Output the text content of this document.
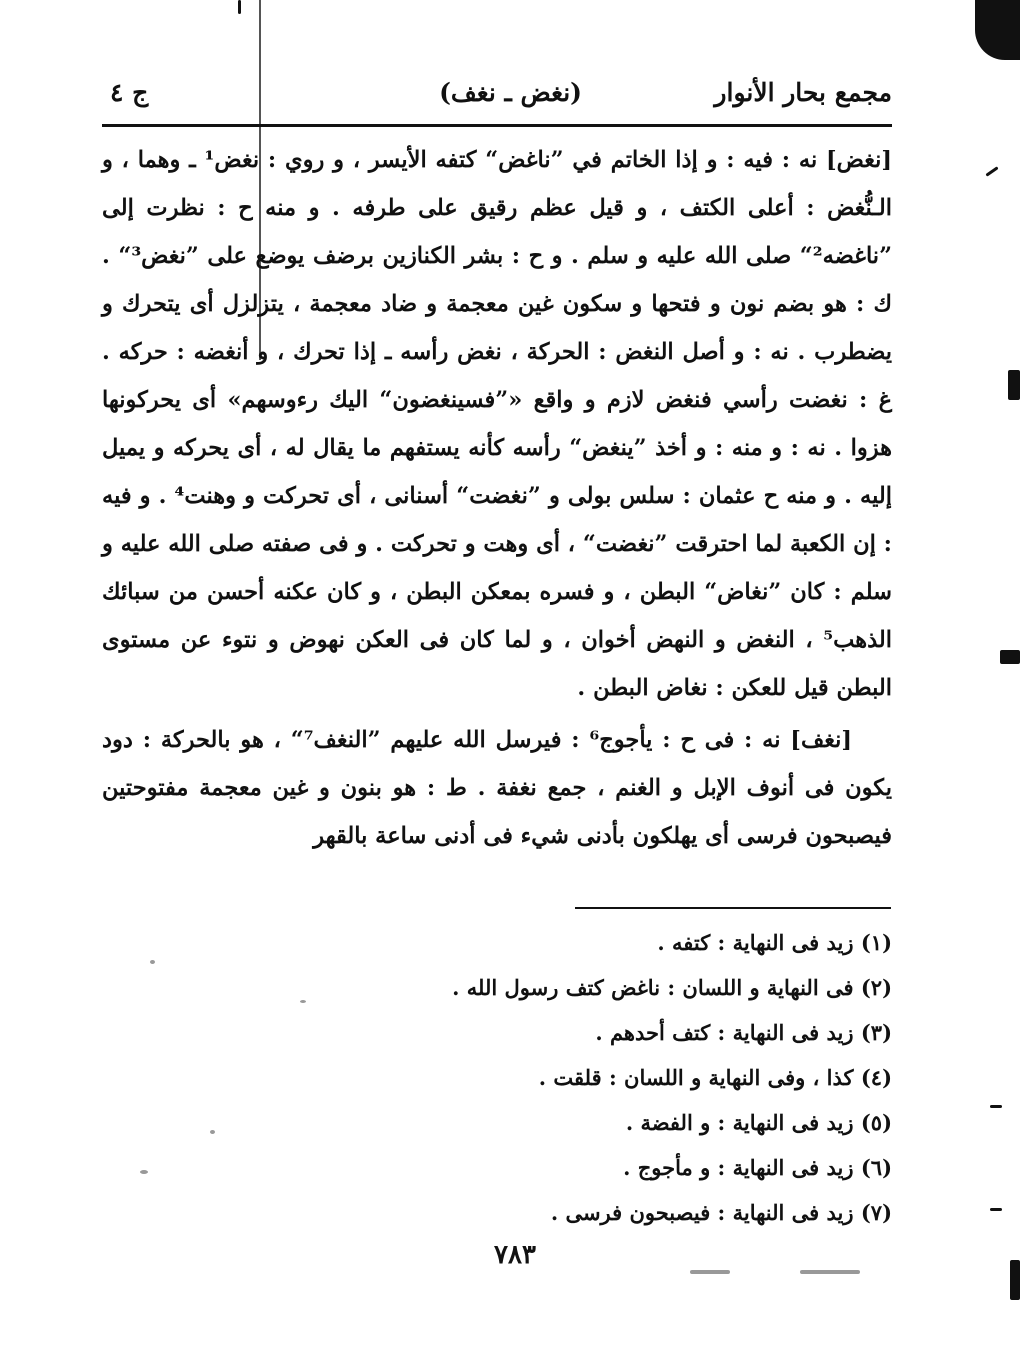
مجمع بحار الأنوار
(نغض ـ نغف)
ج ٤

[نغض] نه : فيه : و إذا الخاتم في ”ناغض“ كتفه الأيسر ، و روي : نغض¹ ـ وهما ، و الـنُّغض : أعلى الكتف ، و قيل عظم رقيق على طرفه . و منه ح : نظرت إلى ”ناغضه²“ صلى الله عليه و سلم . و ح : بشر الكنازين برضف يوضع على ”نغض³“ . ك : هو بضم نون و فتحها و سكون غين معجمة و ضاد معجمة ، يتزلزل أى يتحرك و يضطرب . نه : و أصل النغض : الحركة ، نغض رأسه ـ إذا تحرك ، و أنغضه : حركه . غ : نغضت رأسي فنغض لازم و واقع «”فسينغضون“ اليك رءوسهم» أى يحركونها هزوا . نه : و منه : و أخذ ”ينغض“ رأسه كأنه يستفهم ما يقال له ، أى يحركه و يميل إليه . و منه ح عثمان : سلس بولى و ”نغضت“ أسنانى ، أى تحركت و وهنت⁴ . و فيه : إن الكعبة لما احترقت ”نغضت“ ، أى وهت و تحركت . و فى صفته صلى الله عليه و سلم : كان ”نغاض“ البطن ، و فسره بمعكن البطن ، و كان عكنه أحسن من سبائك الذهب⁵ ، النغض و النهض أخوان ، و لما كان فى العكن نهوض و نتوء عن مستوى البطن قيل للعكن : نغاض البطن .

[نغف] نه : فى ح : يأجوج⁶ : فيرسل الله عليهم ”النغف⁷“ ، هو بالحركة : دود يكون فى أنوف الإبل و الغنم ، جمع نغفة . ط : هو بنون و غين معجمة مفتوحتين فيصبحون فرسى أى يهلكون بأدنى شيء فى أدنى ساعة بالقهر

(١) زيد فى النهاية : كتفه .
(٢) فى النهاية و اللسان : ناغض كتف رسول الله .
(٣) زيد فى النهاية : كتف أحدهم .
(٤) كذا ، وفى النهاية و اللسان : قلقت .
(٥) زيد فى النهاية : و الفضة .
(٦) زيد فى النهاية : و مأجوج .
(٧) زيد فى النهاية : فيصبحون فرسى .
٧٨٣
